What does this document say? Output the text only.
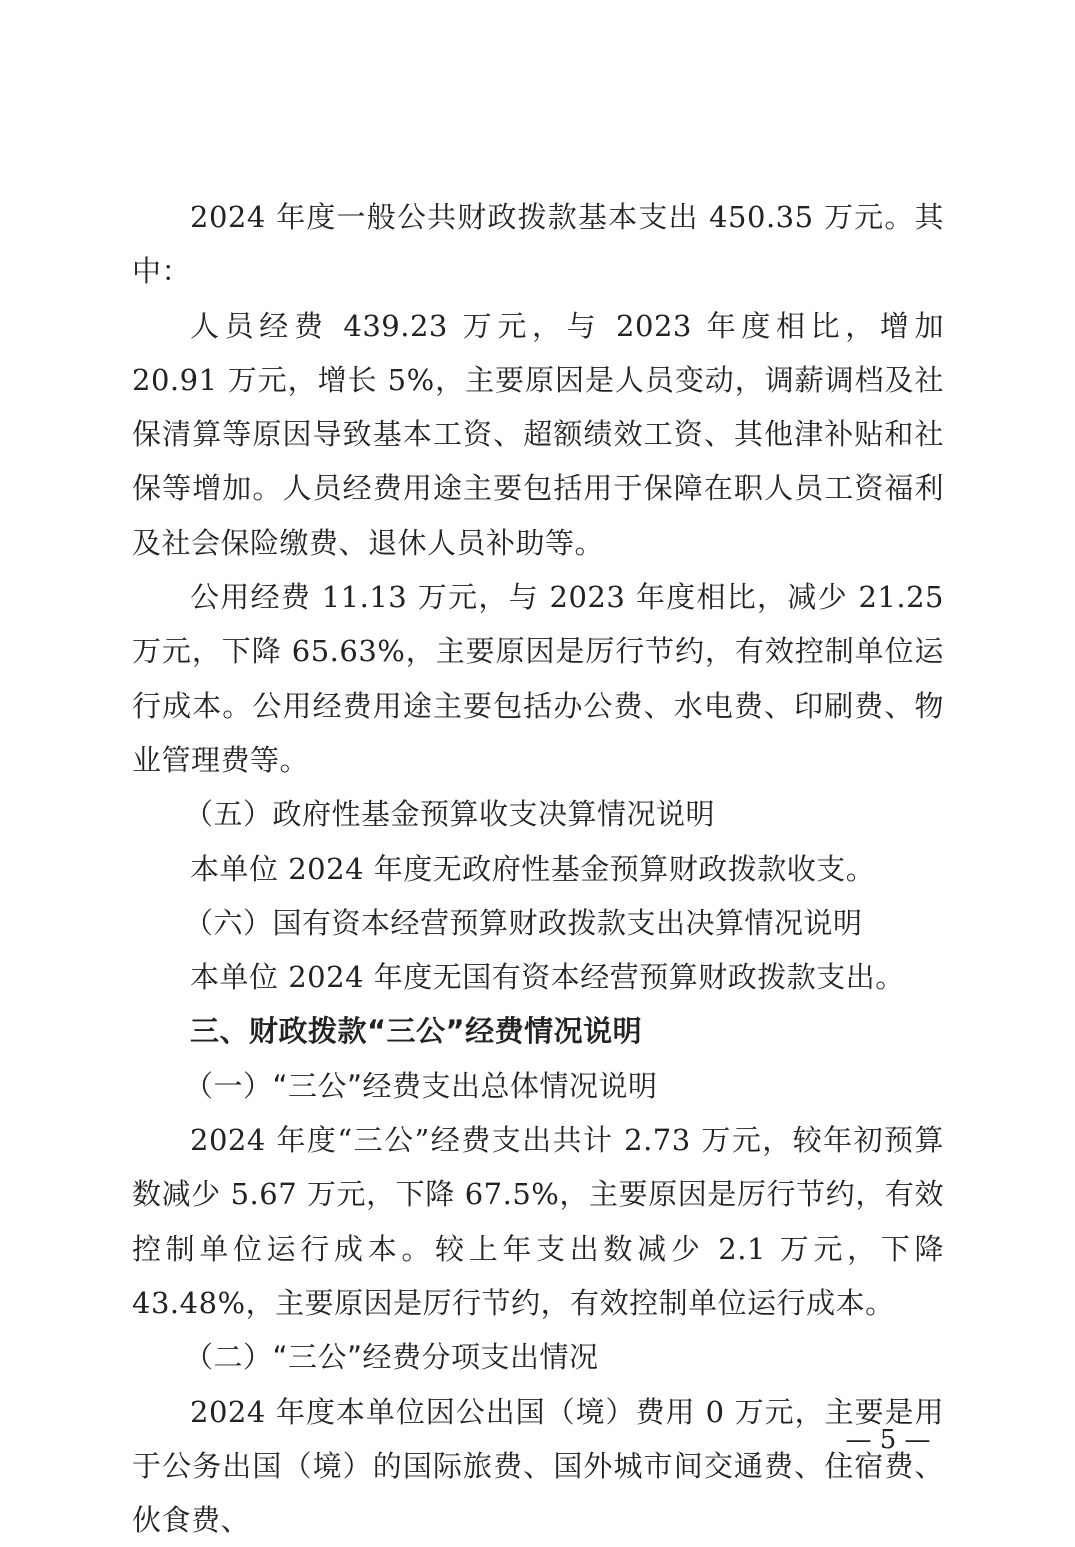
2024 年度一般公共财政拨款基本支出 450.35 万元。其中：

人员经费 439.23 万元，与 2023 年度相比，增加 20.91 万元，增长 5%，主要原因是人员变动，调薪调档及社保清算等原因导致基本工资、超额绩效工资、其他津补贴和社保等增加。人员经费用途主要包括用于保障在职人员工资福利及社会保险缴费、退休人员补助等。

公用经费 11.13 万元，与 2023 年度相比，减少 21.25 万元，下降 65.63%，主要原因是厉行节约，有效控制单位运行成本。公用经费用途主要包括办公费、水电费、印刷费、物业管理费等。

（五）政府性基金预算收支决算情况说明

本单位 2024 年度无政府性基金预算财政拨款收支。

（六）国有资本经营预算财政拨款支出决算情况说明

本单位 2024 年度无国有资本经营预算财政拨款支出。

三、财政拨款“三公”经费情况说明

（一）“三公”经费支出总体情况说明

2024 年度“三公”经费支出共计 2.73 万元，较年初预算数减少 5.67 万元，下降 67.5%，主要原因是厉行节约，有效控制单位运行成本。较上年支出数减少 2.1 万元，下降 43.48%，主要原因是厉行节约，有效控制单位运行成本。

（二）“三公”经费分项支出情况

2024 年度本单位因公出国（境）费用 0 万元，主要是用于公务出国（境）的国际旅费、国外城市间交通费、住宿费、伙食费、

— 5 —
